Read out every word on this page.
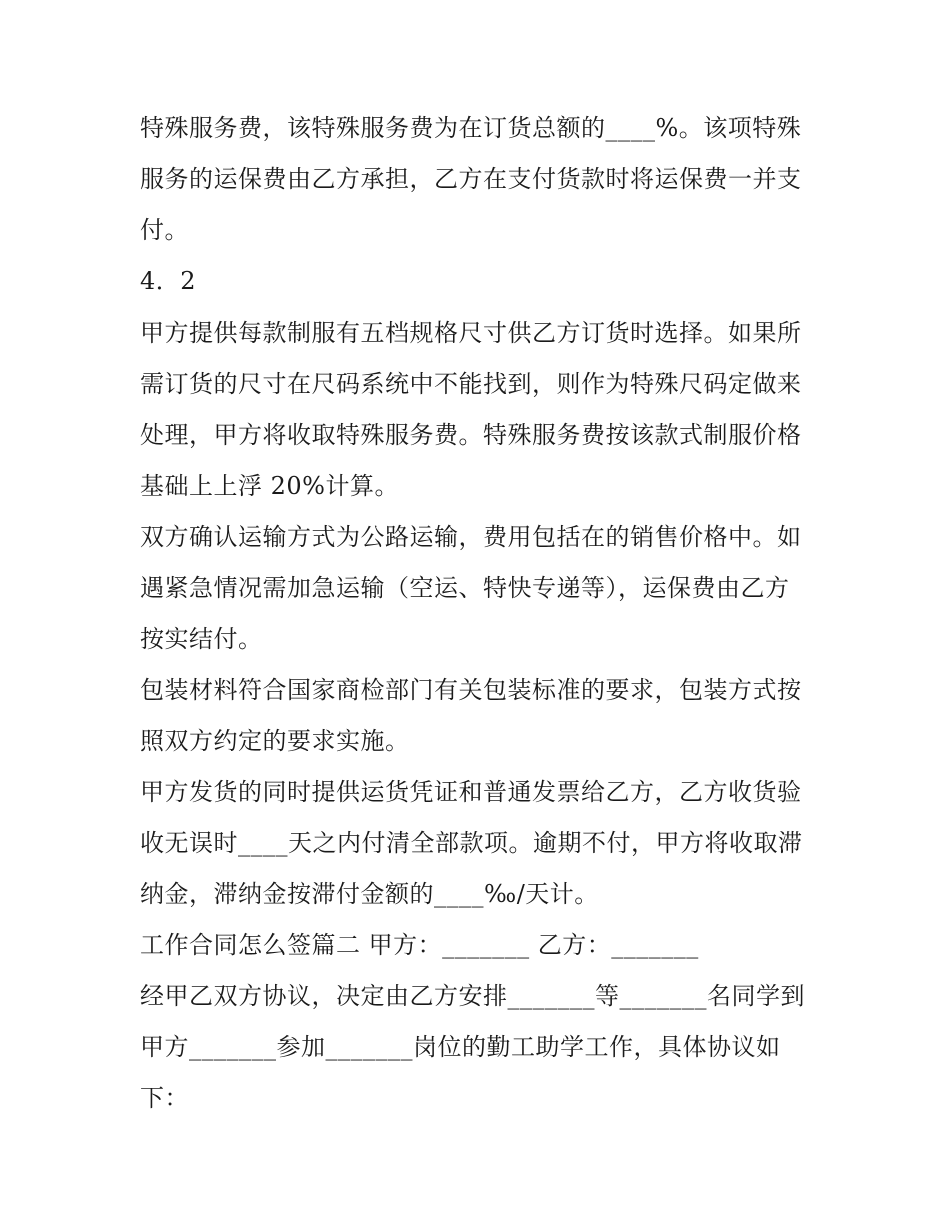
特殊服务费，该特殊服务费为在订货总额的____%。该项特殊
服务的运保费由乙方承担，乙方在支付货款时将运保费一并支
付。
4．2
甲方提供每款制服有五档规格尺寸供乙方订货时选择。如果所
需订货的尺寸在尺码系统中不能找到，则作为特殊尺码定做来
处理，甲方将收取特殊服务费。特殊服务费按该款式制服价格
基础上上浮 20%计算。
双方确认运输方式为公路运输，费用包括在的销售价格中。如
遇紧急情况需加急运输（空运、特快专递等），运保费由乙方
按实结付。
包装材料符合国家商检部门有关包装标准的要求，包装方式按
照双方约定的要求实施。
甲方发货的同时提供运货凭证和普通发票给乙方，乙方收货验
收无误时____天之内付清全部款项。逾期不付，甲方将收取滞
纳金，滞纳金按滞付金额的____‰/天计。
工作合同怎么签篇二 甲方：_______ 乙方：_______
经甲乙双方协议，决定由乙方安排_______等_______名同学到
甲方_______参加_______岗位的勤工助学工作，具体协议如
下：
